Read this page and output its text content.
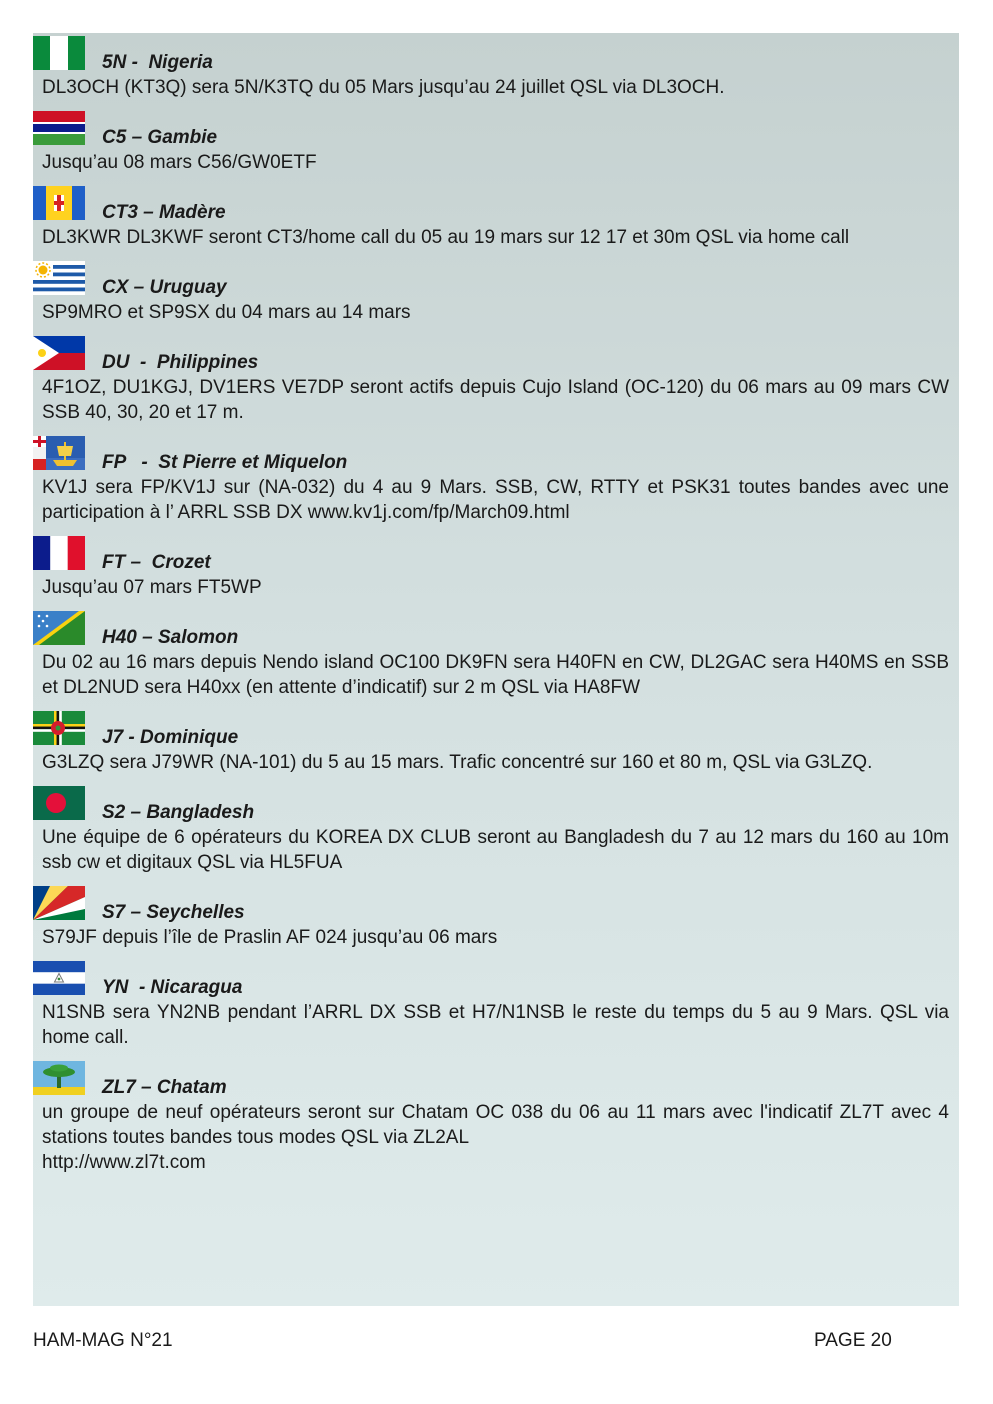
5N -  Nigeria
DL3OCH (KT3Q) sera 5N/K3TQ du 05 Mars jusqu’au 24 juillet QSL via DL3OCH.
C5 – Gambie
Jusqu’au 08 mars C56/GW0ETF
CT3 – Madère
DL3KWR DL3KWF seront CT3/home call du 05 au 19 mars sur 12 17 et 30m QSL via home call
CX – Uruguay
SP9MRO et SP9SX du 04 mars au 14 mars
DU  -  Philippines
4F1OZ, DU1KGJ, DV1ERS VE7DP seront actifs depuis Cujo Island (OC-120) du 06 mars au 09 mars CW SSB 40, 30, 20 et 17 m.
FP   -  St Pierre et Miquelon
KV1J sera FP/KV1J sur (NA-032) du 4 au 9 Mars. SSB, CW, RTTY et PSK31 toutes bandes avec une participation à l’ ARRL SSB DX www.kv1j.com/fp/March09.html
FT –  Crozet
Jusqu’au 07 mars FT5WP
H40 – Salomon
Du 02 au 16 mars depuis Nendo island OC100 DK9FN sera H40FN en CW, DL2GAC sera H40MS en SSB et DL2NUD sera H40xx (en attente d’indicatif) sur 2 m QSL via HA8FW
J7 - Dominique
G3LZQ sera J79WR (NA-101) du 5 au 15 mars. Trafic concentré sur 160 et 80 m, QSL via G3LZQ.
S2 – Bangladesh
Une équipe de 6 opérateurs du KOREA DX CLUB seront au Bangladesh du 7 au 12 mars du 160 au 10m ssb cw et digitaux QSL via HL5FUA
S7 – Seychelles
S79JF depuis l’île de Praslin AF 024 jusqu’au 06 mars
YN  - Nicaragua
N1SNB sera YN2NB pendant l’ARRL DX SSB et H7/N1NSB le reste du temps du 5 au 9 Mars. QSL via home call.
ZL7 – Chatam
un groupe de neuf opérateurs seront sur Chatam OC 038 du 06 au 11 mars avec l'indicatif ZL7T avec 4 stations toutes bandes tous modes QSL via ZL2AL
http://www.zl7t.com
HAM-MAG N°21	PAGE 20
